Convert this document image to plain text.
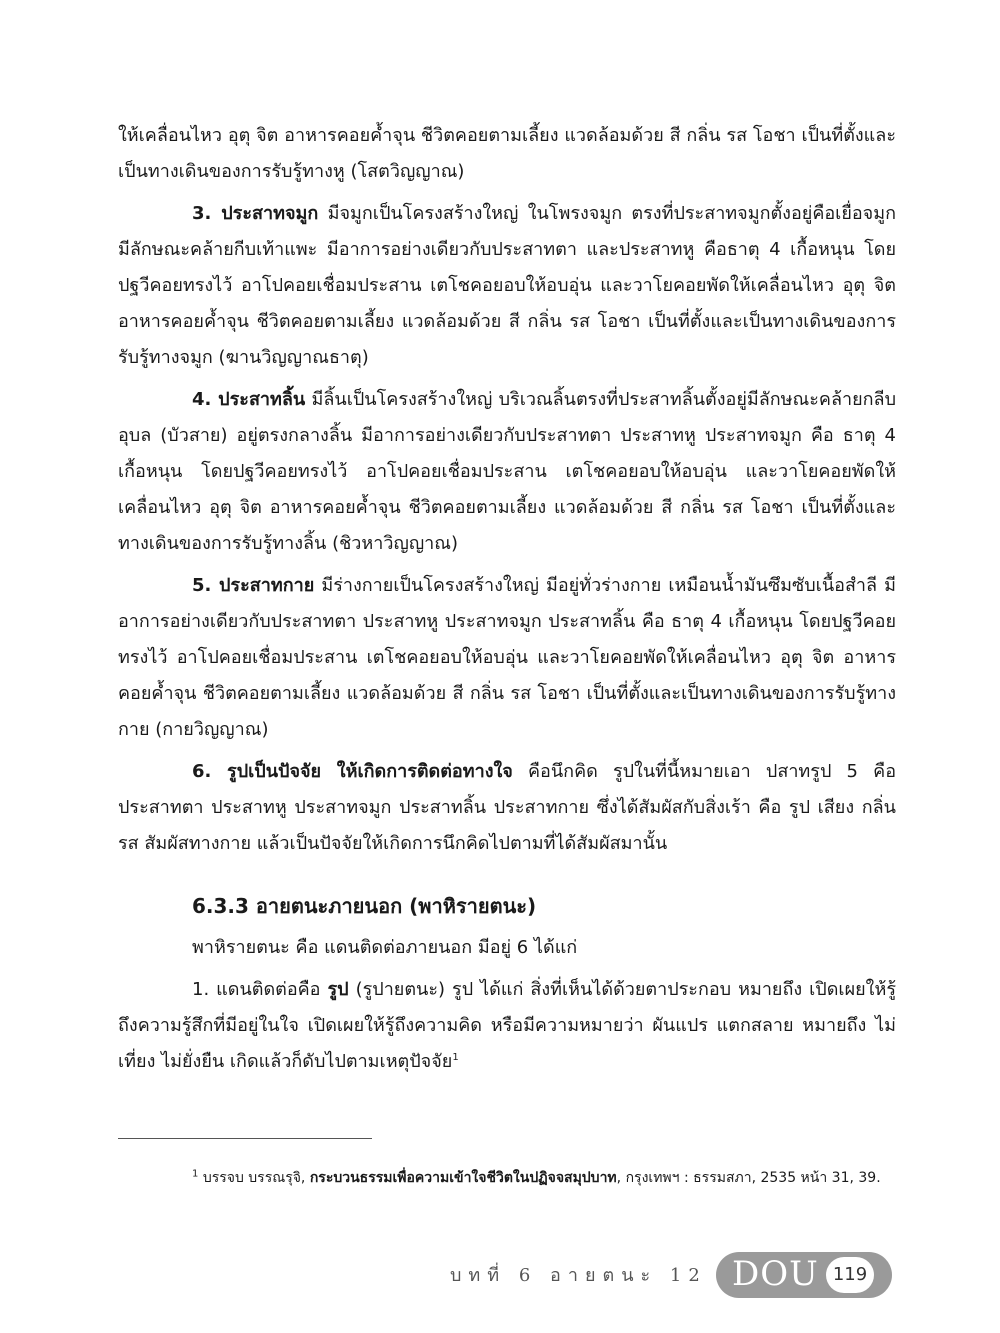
ให้เคลื่อนไหว อุตุ จิต อาหารคอยค้ำจุน ชีวิตคอยตามเลี้ยง แวดล้อมด้วย สี กลิ่น รส โอชา เป็นที่ตั้งและเป็นทางเดินของการรับรู้ทางหู (โสตวิญญาณ)

3. ประสาทจมูก มีจมูกเป็นโครงสร้างใหญ่ ในโพรงจมูก ตรงที่ประสาทจมูกตั้งอยู่คือเยื่อจมูก มีลักษณะคล้ายกีบเท้าแพะ มีอาการอย่างเดียวกับประสาทตา และประสาทหู คือธาตุ 4 เกื้อหนุน โดยปฐวีคอยทรงไว้ อาโปคอยเชื่อมประสาน เตโชคอยอบให้อบอุ่น และวาโยคอยพัดให้เคลื่อนไหว อุตุ จิต อาหารคอยค้ำจุน ชีวิตคอยตามเลี้ยง แวดล้อมด้วย สี กลิ่น รส โอชา เป็นที่ตั้งและเป็นทางเดินของการรับรู้ทางจมูก (ฆานวิญญาณธาตุ)

4. ประสาทลิ้น มีลิ้นเป็นโครงสร้างใหญ่ บริเวณลิ้นตรงที่ประสาทลิ้นตั้งอยู่มีลักษณะคล้ายกลีบอุบล (บัวสาย) อยู่ตรงกลางลิ้น มีอาการอย่างเดียวกับประสาทตา ประสาทหู ประสาทจมูก คือ ธาตุ 4 เกื้อหนุน โดยปฐวีคอยทรงไว้ อาโปคอยเชื่อมประสาน เตโชคอยอบให้อบอุ่น และวาโยคอยพัดให้เคลื่อนไหว อุตุ จิต อาหารคอยค้ำจุน ชีวิตคอยตามเลี้ยง แวดล้อมด้วย สี กลิ่น รส โอชา เป็นที่ตั้งและทางเดินของการรับรู้ทางลิ้น (ชิวหาวิญญาณ)

5. ประสาทกาย มีร่างกายเป็นโครงสร้างใหญ่ มีอยู่ทั่วร่างกาย เหมือนน้ำมันซึมซับเนื้อสำลี มีอาการอย่างเดียวกับประสาทตา ประสาทหู ประสาทจมูก ประสาทลิ้น คือ ธาตุ 4 เกื้อหนุน โดยปฐวีคอยทรงไว้ อาโปคอยเชื่อมประสาน เตโชคอยอบให้อบอุ่น และวาโยคอยพัดให้เคลื่อนไหว อุตุ จิต อาหารคอยค้ำจุน ชีวิตคอยตามเลี้ยง แวดล้อมด้วย สี กลิ่น รส โอชา เป็นที่ตั้งและเป็นทางเดินของการรับรู้ทางกาย (กายวิญญาณ)

6. รูปเป็นปัจจัย ให้เกิดการติดต่อทางใจ คือนึกคิด รูปในที่นี้หมายเอา ปสาทรูป 5 คือ ประสาทตา ประสาทหู ประสาทจมูก ประสาทลิ้น ประสาทกาย ซึ่งได้สัมผัสกับสิ่งเร้า คือ รูป เสียง กลิ่น รส สัมผัสทางกาย แล้วเป็นปัจจัยให้เกิดการนึกคิดไปตามที่ได้สัมผัสมานั้น

6.3.3 อายตนะภายนอก (พาหิรายตนะ)

พาหิรายตนะ คือ แดนติดต่อภายนอก มีอยู่ 6 ได้แก่

1. แดนติดต่อคือ รูป (รูปายตนะ) รูป ได้แก่ สิ่งที่เห็นได้ด้วยตาประกอบ หมายถึง เปิดเผยให้รู้ถึงความรู้สึกที่มีอยู่ในใจ เปิดเผยให้รู้ถึงความคิด หรือมีความหมายว่า ผันแปร แตกสลาย หมายถึง ไม่เที่ยง ไม่ยั่งยืน เกิดแล้วก็ดับไปตามเหตุปัจจัย$^1$

$^1$ บรรจบ บรรณรุจิ, กระบวนธรรมเพื่อความเข้าใจชีวิตในปฏิจจสมุปบาท, กรุงเทพฯ : ธรรมสภา, 2535 หน้า 31, 39.
บทที่ 6 อายตนะ 12 DOU 119
